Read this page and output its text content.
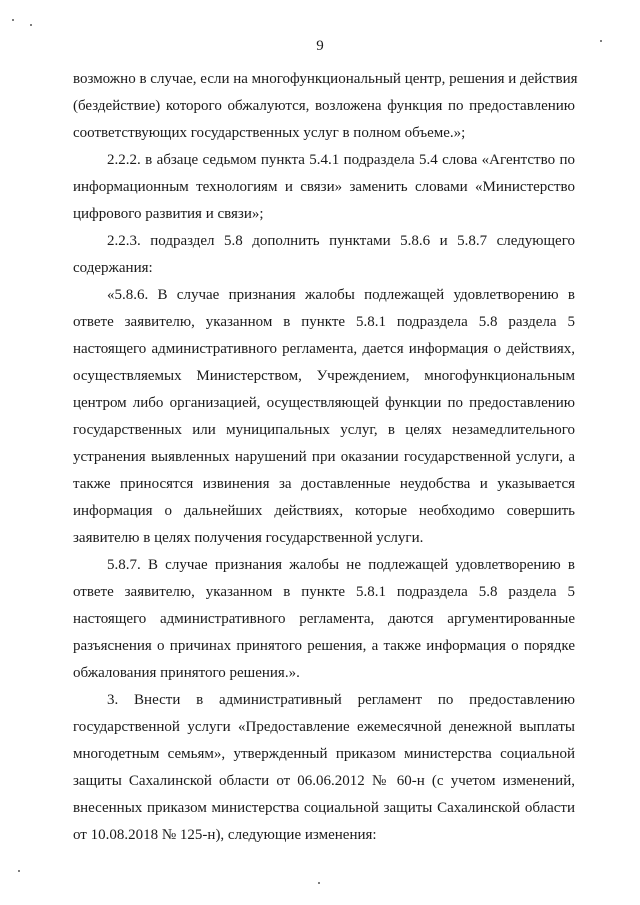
9
возможно в случае, если на многофункциональный центр, решения и действия
(бездействие) которого обжалуются, возложена функция по предоставлению
соответствующих государственных услуг в полном объеме.»;
2.2.2. в абзаце седьмом пункта 5.4.1 подраздела 5.4 слова «Агентство по
информационным технологиям и связи» заменить словами «Министерство
цифрового развития и связи»;
2.2.3. подраздел 5.8 дополнить пунктами 5.8.6 и 5.8.7 следующего
содержания:
«5.8.6. В случае признания жалобы подлежащей удовлетворению в
ответе заявителю, указанном в пункте 5.8.1 подраздела 5.8 раздела 5
настоящего административного регламента, дается информация о действиях,
осуществляемых Министерством, Учреждением, многофункциональным
центром либо организацией, осуществляющей функции по предоставлению
государственных или муниципальных услуг, в целях незамедлительного
устранения выявленных нарушений при оказании государственной услуги, а
также приносятся извинения за доставленные неудобства и указывается
информация о дальнейших действиях, которые необходимо совершить
заявителю в целях получения государственной услуги.
5.8.7. В случае признания жалобы не подлежащей удовлетворению в
ответе заявителю, указанном в пункте 5.8.1 подраздела 5.8 раздела 5
настоящего административного регламента, даются аргументированные
разъяснения о причинах принятого решения, а также информация о порядке
обжалования принятого решения.».
3. Внести в административный регламент по предоставлению
государственной услуги «Предоставление ежемесячной денежной выплаты
многодетным семьям», утвержденный приказом министерства социальной
защиты Сахалинской области от 06.06.2012 № 60-н (с учетом изменений,
внесенных приказом министерства социальной защиты Сахалинской области
от 10.08.2018 № 125-н), следующие изменения:
